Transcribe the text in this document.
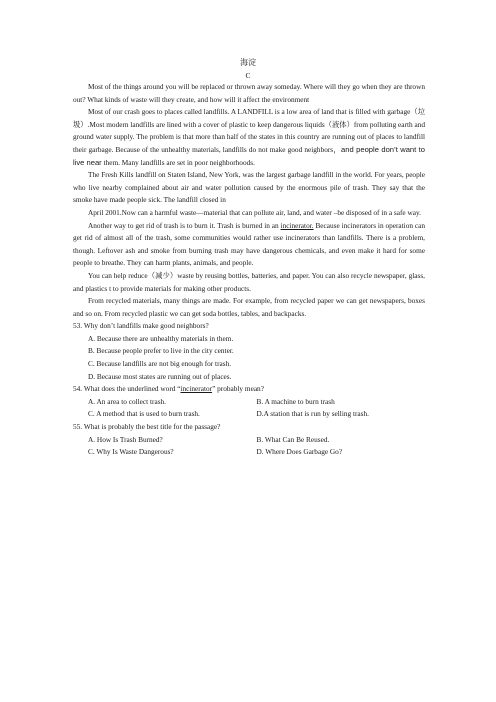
海淀
C

Most of the things around you will be replaced or thrown away someday. Where will they go when they are thrown out? What kinds of waste will they create, and how will it affect the environment

Most of our crash goes to places called landfills. A LANDFILL is a low area of land that is filled with garbage（垃圾）.Most modern landfills are lined with a cover of plastic to keep dangerous liquids（液体）from polluting earth and ground water supply. The problem is that more than half of the states in this country are running out of places to landfill their garbage. Because of the unhealthy materials, landfills do not make good neighbors，and people don’t want to live near them. Many landfills are set in poor neighborhoods.

The Fresh Kills landfill on Staten Island, New York, was the largest garbage landfill in the world. For years, people who live nearby complained about air and water pollution caused by the enormous pile of trash. They say that the smoke have made people sick. The landfill closed in

April 2001.Now can a harmful waste—material that can pollute air, land, and water –be disposed of in a safe way.

Another way to get rid of trash is to burn it. Trash is burned in an incinerator. Because incinerators in operation can get rid of almost all of the trash, some communities would rather use incinerators than landfills. There is a problem, though. Leftover ash and smoke from burning trash may have dangerous chemicals, and even make it hard for some people to breathe. They can harm plants, animals, and people.

You can help reduce（减少）waste by reusing bottles, batteries, and paper. You can also recycle newspaper, glass, and plastics t to provide materials for making other products.

From recycled materials, many things are made. For example, from recycled paper we can get newspapers, boxes and so on. From recycled plastic we can get soda bottles, tables, and backpacks.

53. Why don’t landfills make good neighbors?
A. Because there are unhealthy materials in them.
B. Because people prefer to live in the city center.
C. Because landfills are not big enough for trash.
D. Because most states are running out of places.
54. What does the underlined word “incinerator” probably mean?
A. An area to collect trash.	B. A machine to burn trash
C. A method that is used to burn trash.	D.A station that is run by selling trash.
55. What is probably the best title for the passage?
A. How Is Trash Burned?	B. What Can Be Reused.
C. Why Is Waste Dangerous?	D. Where Does Garbage Go?
